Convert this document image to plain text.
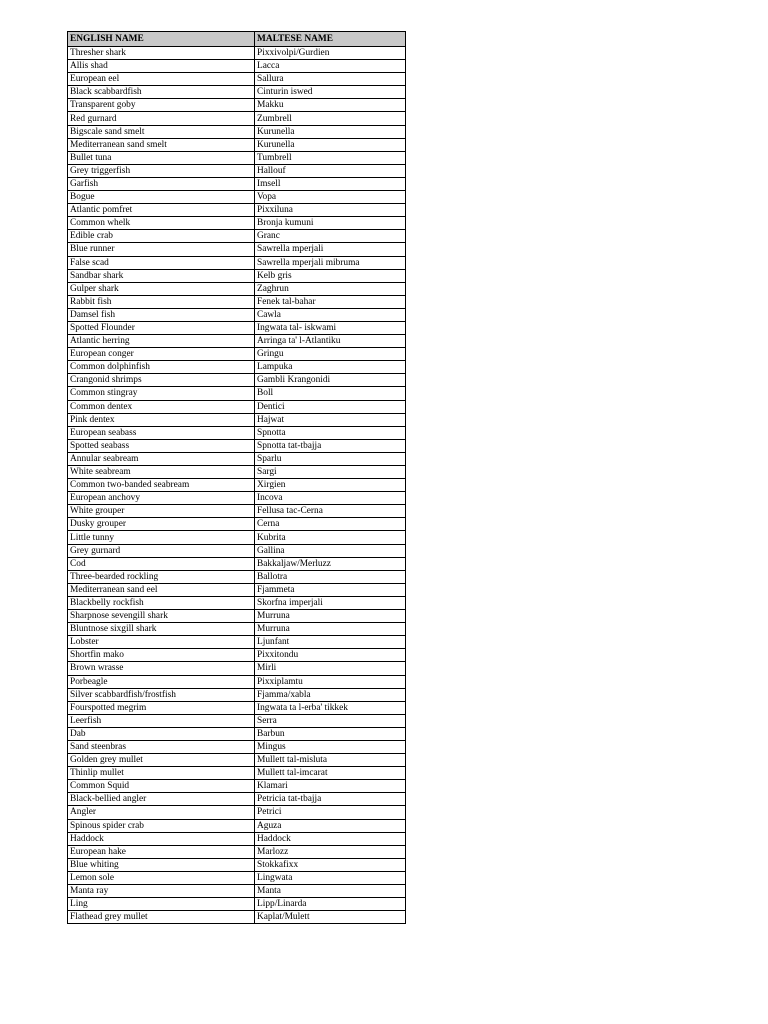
ENGLISH NAME	MALTESE NAME
Thresher shark	Pixxivolpi/Gurdien
Allis shad	Lacca
European eel	Sallura
Black scabbardfish	Cinturin iswed
Transparent goby	Makku
Red gurnard	Zumbrell
Bigscale sand smelt	Kurunella
Mediterranean sand smelt	Kurunella
Bullet tuna	Tumbrell
Grey triggerfish	Hallouf
Garfish	Imsell
Bogue	Vopa
Atlantic pomfret	Pixxiluna
Common whelk	Bronja kumuni
Edible crab	Granc
Blue runner	Sawrella mperjali
False scad	Sawrella mperjali mibruma
Sandbar shark	Kelb gris
Gulper shark	Zaghrun
Rabbit fish	Fenek tal-bahar
Damsel fish	Cawla
Spotted Flounder	Ingwata tal- iskwami
Atlantic herring	Arringa ta' l-Atlantiku
European conger	Gringu
Common dolphinfish	Lampuka
Crangonid shrimps	Gambli Krangonidi
Common stingray	Boll
Common dentex	Dentici
Pink dentex	Hajwat
European seabass	Spnotta
Spotted seabass	Spnotta tat-tbajja
Annular seabream	Sparlu
White seabream	Sargi
Common two-banded seabream	Xirgien
European anchovy	Incova
White grouper	Fellusa tac-Cerna
Dusky grouper	Cerna
Little tunny	Kubrita
Grey gurnard	Gallina
Cod	Bakkaljaw/Merluzz
Three-bearded rockling	Ballotra
Mediterranean sand eel	Fjammeta
Blackbelly rockfish	Skorfna imperjali
Sharpnose sevengill shark	Murruna
Bluntnose sixgill shark	Murruna
Lobster	Ljunfant
Shortfin mako	Pixxitondu
Brown wrasse	Mirli
Porbeagle	Pixxiplamtu
Silver scabbardfish/frostfish	Fjamma/xabla
Fourspotted megrim	Ingwata ta l-erba' tikkek
Leerfish	Serra
Dab	Barbun
Sand steenbras	Mingus
Golden grey mullet	Mullett tal-misluta
Thinlip mullet	Mullett tal-imcarat
Common Squid	Klamari
Black-bellied angler	Petricia tat-tbajja
Angler	Petrici
Spinous spider crab	Aguza
Haddock	Haddock
European hake	Marlozz
Blue whiting	Stokkafixx
Lemon sole	Lingwata
Manta ray	Manta
Ling	Lipp/Linarda
Flathead grey mullet	Kaplat/Mulett
